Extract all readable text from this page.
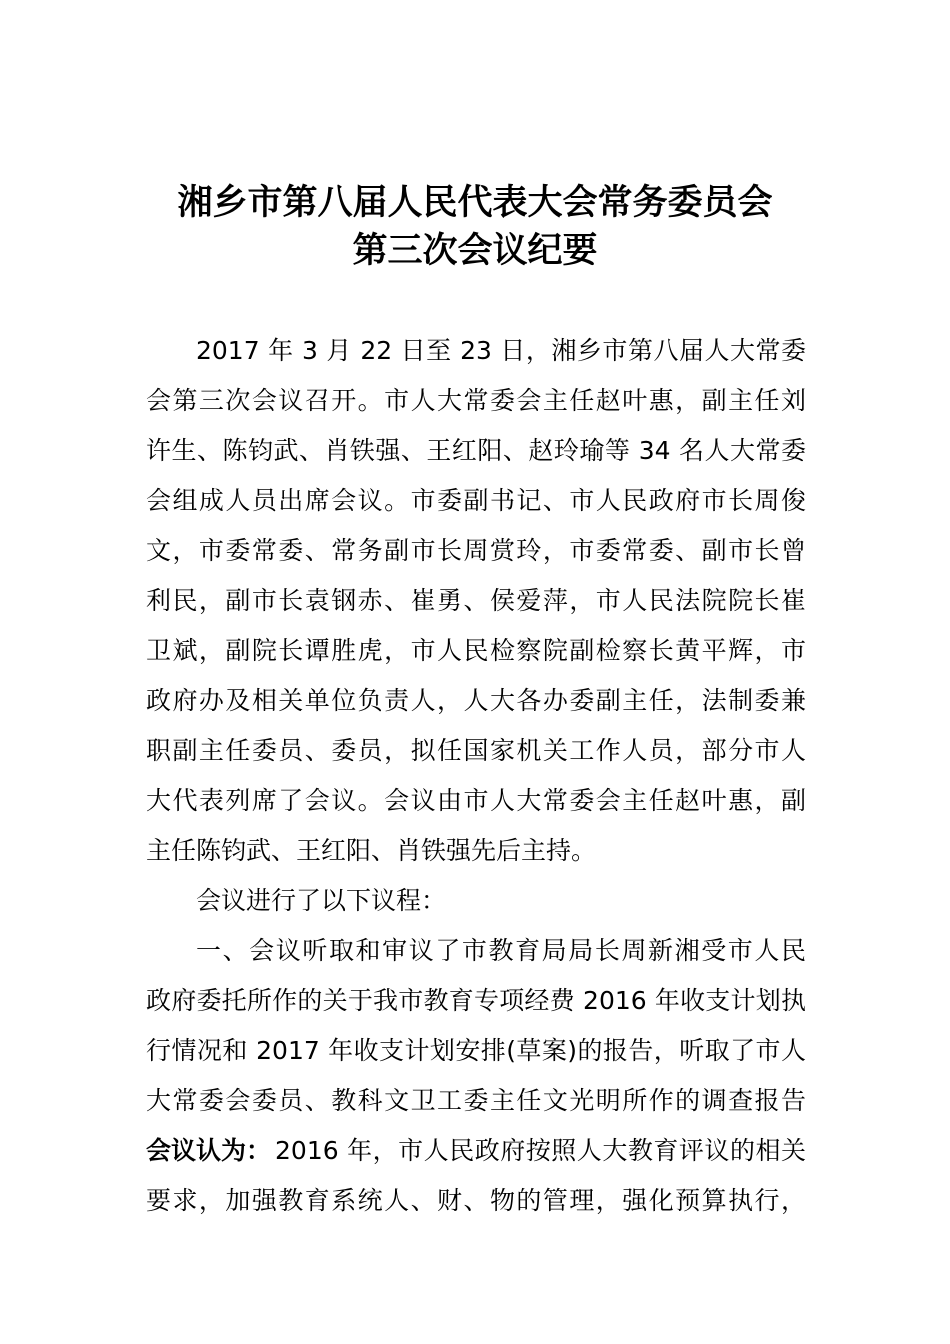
湘乡市第八届人民代表大会常务委员会
第三次会议纪要
2017 年 3 月 22 日至 23 日，湘乡市第八届人大常委
会第三次会议召开。市人大常委会主任赵叶惠，副主任刘
许生、陈钧武、肖铁强、王红阳、赵玲瑜等 34 名人大常委
会组成人员出席会议。市委副书记、市人民政府市长周俊
文，市委常委、常务副市长周赏玲，市委常委、副市长曾
利民，副市长袁钢赤、崔勇、侯爱萍，市人民法院院长崔
卫斌，副院长谭胜虎，市人民检察院副检察长黄平辉，市
政府办及相关单位负责人，人大各办委副主任，法制委兼
职副主任委员、委员，拟任国家机关工作人员，部分市人
大代表列席了会议。会议由市人大常委会主任赵叶惠，副
主任陈钧武、王红阳、肖铁强先后主持。
会议进行了以下议程：
一、会议听取和审议了市教育局局长周新湘受市人民
政府委托所作的关于我市教育专项经费 2016 年收支计划执
行情况和 2017 年收支计划安排(草案)的报告，听取了市人
大常委会委员、教科文卫工委主任文光明所作的调查报告
会议认为： 2016 年，市人民政府按照人大教育评议的相关
要求，加强教育系统人、财、物的管理，强化预算执行，
